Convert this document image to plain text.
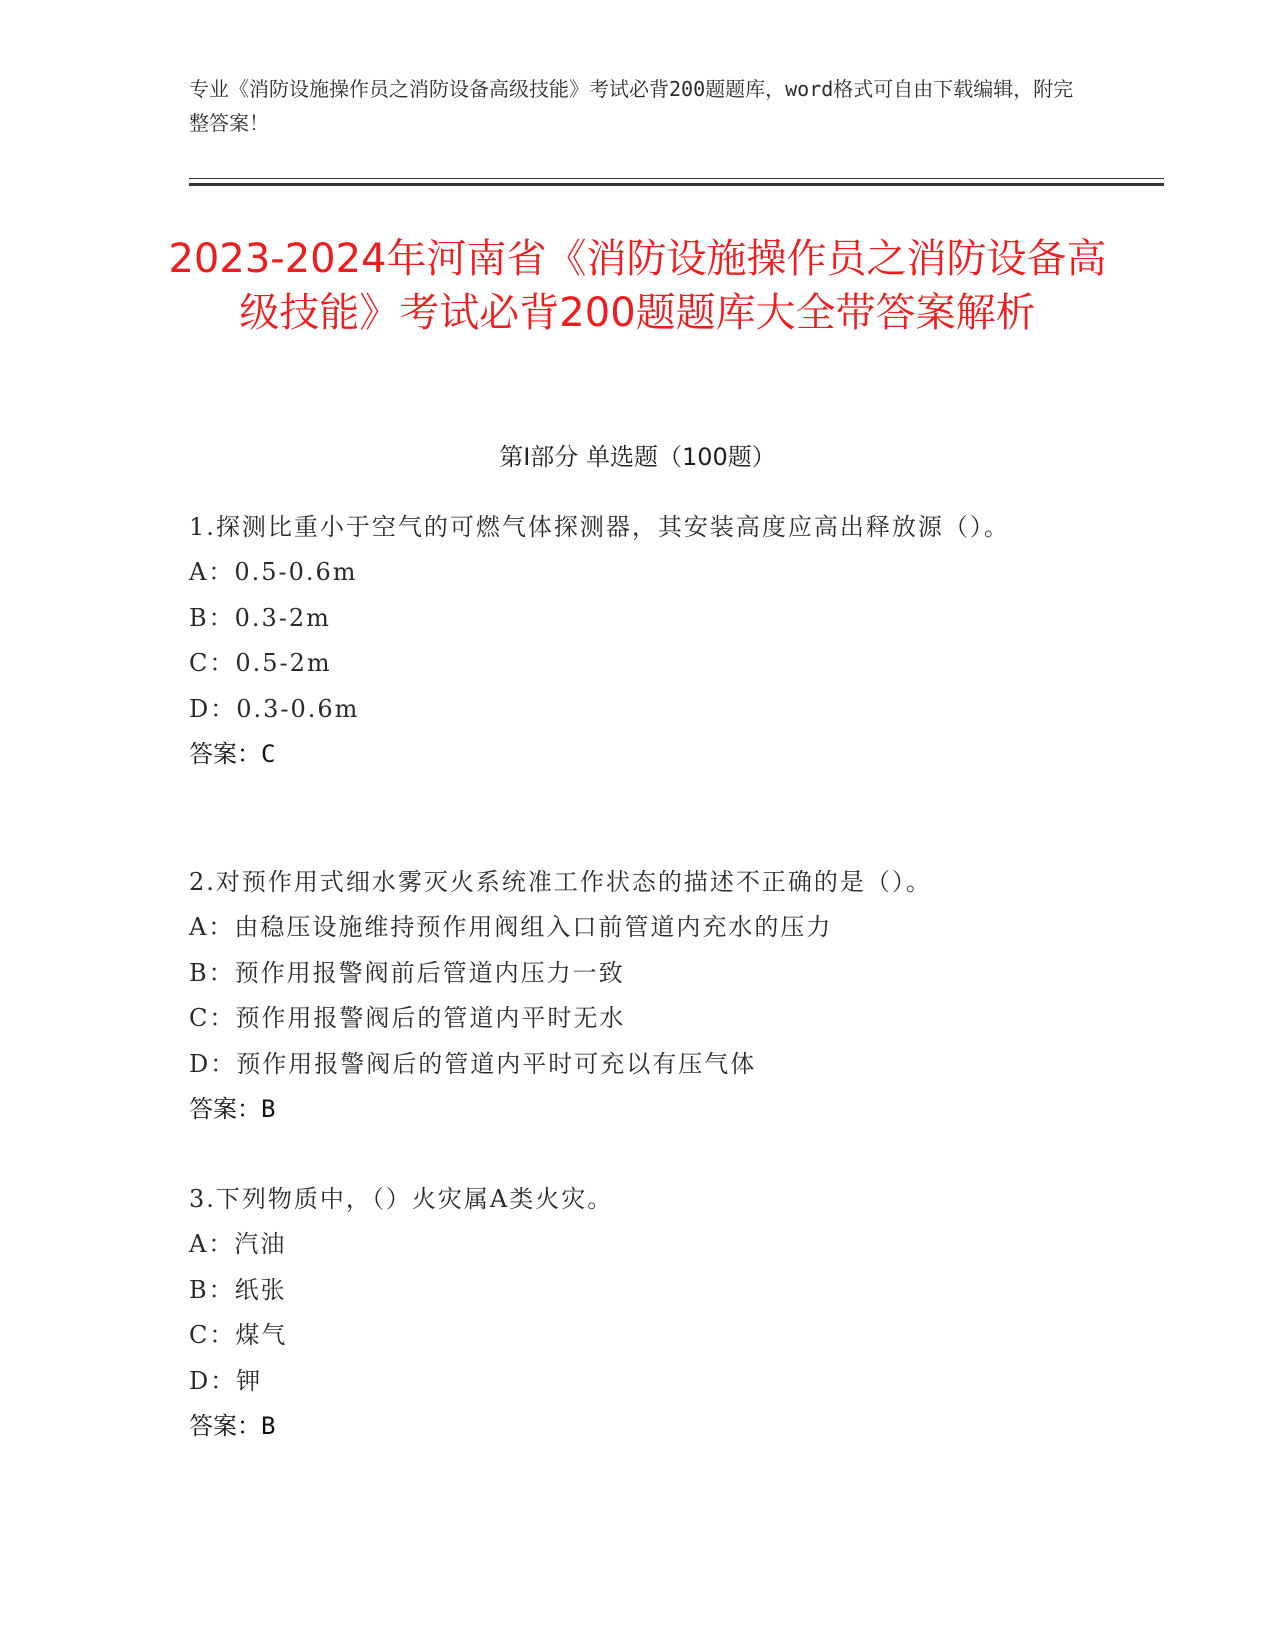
专业《消防设施操作员之消防设备高级技能》考试必背200题题库，word格式可自由下载编辑，附完整答案！
2023-2024年河南省《消防设施操作员之消防设备高级技能》考试必背200题题库大全带答案解析
第I部分 单选题（100题）
1.探测比重小于空气的可燃气体探测器，其安装高度应高出释放源（）。
A：0.5-0.6m
B：0.3-2m
C：0.5-2m
D：0.3-0.6m
答案：C
2.对预作用式细水雾灭火系统准工作状态的描述不正确的是（）。
A：由稳压设施维持预作用阀组入口前管道内充水的压力
B：预作用报警阀前后管道内压力一致
C：预作用报警阀后的管道内平时无水
D：预作用报警阀后的管道内平时可充以有压气体
答案：B
3.下列物质中，（）火灾属A类火灾。
A：汽油
B：纸张
C：煤气
D：钾
答案：B
